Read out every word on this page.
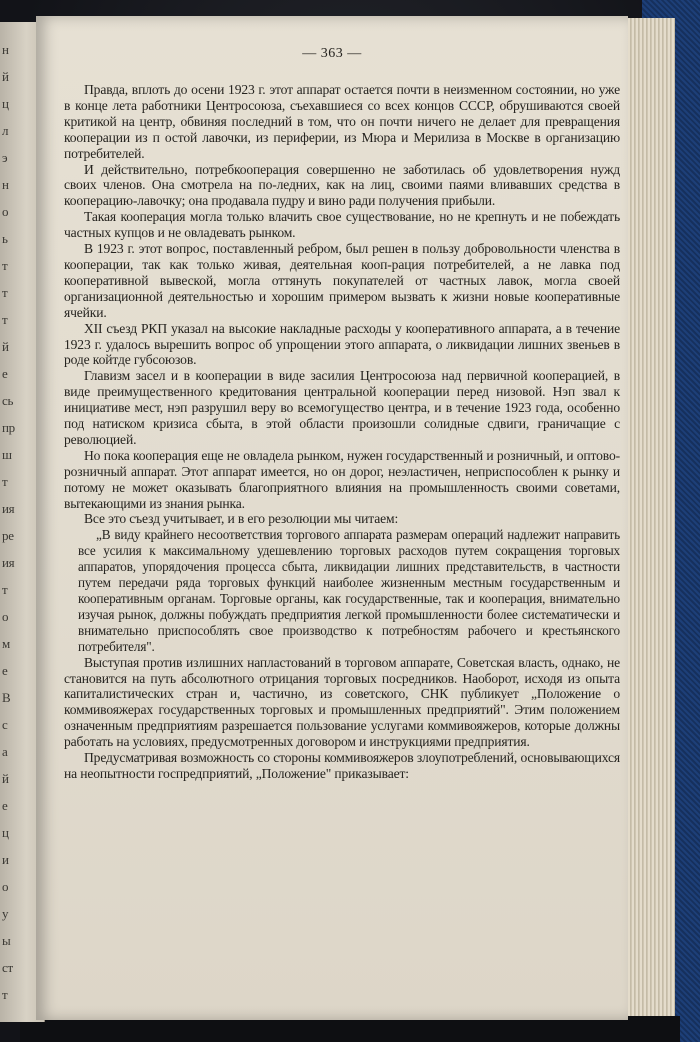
н
й
ц
л
э
н
о
ь
т
т
т
й
е
сь
пр
ш
т
ия
ре
ия
т
о
м
е
В
с
а
й
е
ц
и
о
у
ы
ст
т
— 363 —

Правда, вплоть до осени 1923 г. этот аппарат остается почти в неизменном состоянии, но уже в конце лета работники Центросоюза, съехавшиеся со всех концов СССР, обрушиваются своей критикой на центр, обвиняя последний в том, что он почти ничего не делает для превращения кооперации из п остой лавочки, из периферии, из Мюра и Мерилиза в Москве в организацию потребителей.

И действительно, потребкооперация совершенно не заботилась об удовлетворения нужд своих членов. Она смотрела на по-ледних, как на лиц, своими паями вливавших средства в кооперацию-лавочку; она продавала пудру и вино ради получения прибыли.

Такая кооперация могла только влачить свое существование, но не крепнуть и не побеждать частных купцов и не овладевать рынком.

В 1923 г. этот вопрос, поставленный ребром, был решен в пользу добровольности членства в кооперации, так как только живая, деятельная кооп-рация потребителей, а не лавка под кооперативной вывеской, могла оттянуть покупателей от частных лавок, могла своей организационной деятельностью и хорошим примером вызвать к жизни новые кооперативные ячейки.

XII съезд РКП указал на высокие накладные расходы у кооперативного аппарата, а в течение 1923 г. удалось вырешить вопрос об упрощении этого аппарата, о ликвидации лишних звеньев в роде койтде губсоюзов.

Главизм засел и в кооперации в виде засилия Центросоюза над первичной кооперацией, в виде преимущественного кредитования центральной кооперации перед низовой. Нэп звал к инициативе мест, нэп разрушил веру во всемогущество центра, и в течение 1923 года, особенно под натиском кризиса сбыта, в этой области произошли солидные сдвиги, граничащие с революцией.

Но пока кооперация еще не овладела рынком, нужен государственный и розничный, и оптово-розничный аппарат. Этот аппарат имеется, но он дорог, неэластичен, неприспособлен к рынку и потому не может оказывать благоприятного влияния на промышленность своими советами, вытекающими из знания рынка.

Все это съезд учитывает, и в его резолюции мы читаем:

„В виду крайнего несоответствия торгового аппарата размерам операций надлежит направить все усилия к максимальному удешевлению торговых расходов путем сокращения торговых аппаратов, упорядочения процесса сбыта, ликвидации лишних представительств, в частности путем передачи ряда торговых функций наиболее жизненным местным государственным и кооперативным органам. Торговые органы, как государственные, так и кооперация, внимательно изучая рынок, должны побуждать предприятия легкой промышленности более систематически и внимательно приспособлять свое производство к потребностям рабочего и крестьянского потребителя".

Выступая против излишних напластований в торговом аппарате, Советская власть, однако, не становится на путь абсолютного отрицания торговых посредников. Наоборот, исходя из опыта капиталистических стран и, частично, из советского, СНК публикует „Положение о коммивояжерах государственных торговых и промышленных предприятий". Этим положением означенным предприятиям разрешается пользование услугами коммивояжеров, которые должны работать на условиях, предусмотренных договором и инструкциями предприятия.

Предусматривая возможность со стороны коммивояжеров злоупотреблений, основывающихся на неопытности госпредприятий, „Положение" приказывает:
